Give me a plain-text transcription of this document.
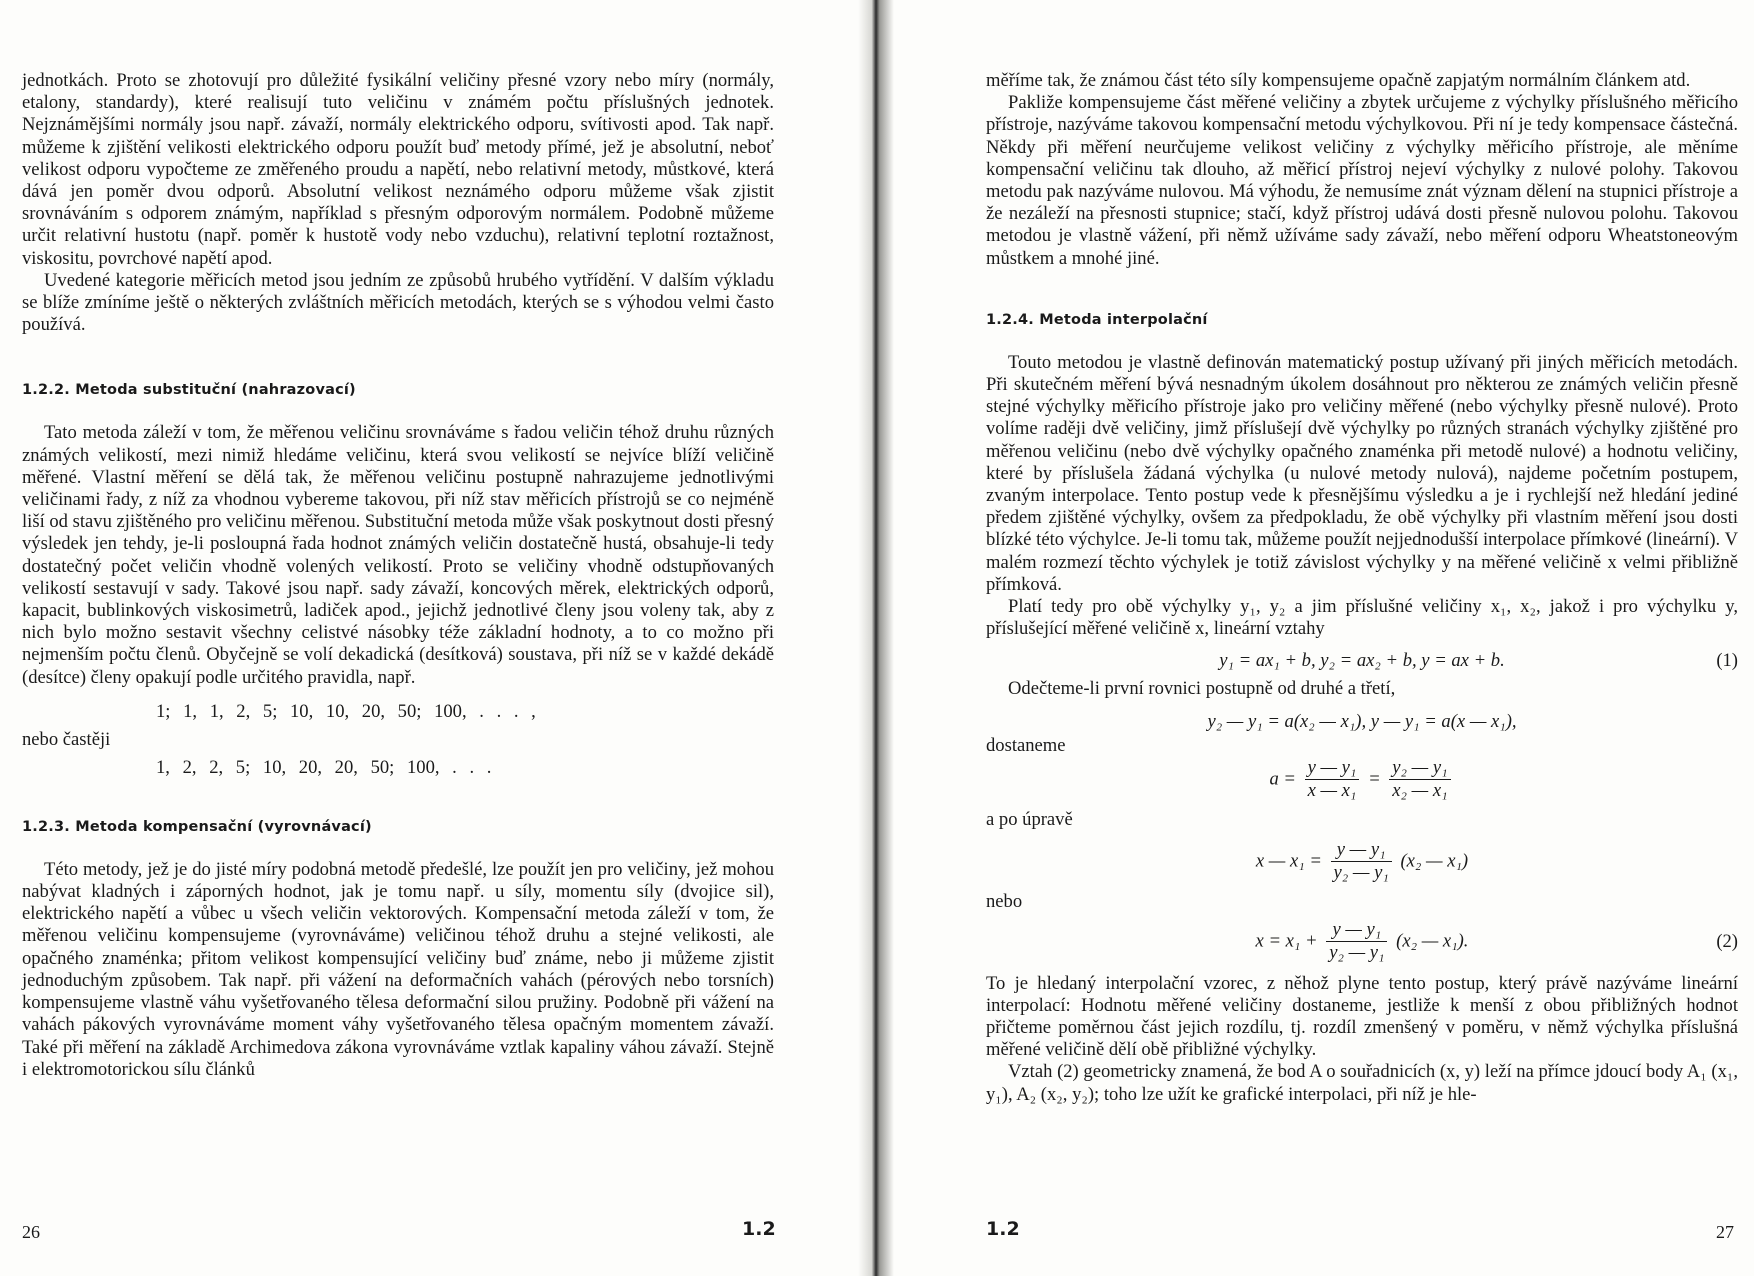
jednotkách. Proto se zhotovují pro důležité fysikální veličiny přesné vzory nebo míry (normály, etalony, standardy), které realisují tuto veličinu v známém počtu příslušných jednotek. Nejznámějšími normály jsou např. závaží, normály elektrického odporu, svítivosti apod. Tak např. můžeme k zjištění velikosti elektrického odporu použít buď metody přímé, jež je absolutní, neboť velikost odporu vypočteme ze změřeného proudu a napětí, nebo relativní metody, můstkové, která dává jen poměr dvou odporů. Absolutní velikost neznámého odporu můžeme však zjistit srovnáváním s odporem známým, například s přesným odporovým normálem. Podobně můžeme určit relativní hustotu (např. poměr k hustotě vody nebo vzduchu), relativní teplotní roztažnost, viskositu, povrchové napětí apod.

Uvedené kategorie měřicích metod jsou jedním ze způsobů hrubého vytřídění. V dalším výkladu se blíže zmíníme ještě o některých zvláštních měřicích metodách, kterých se s výhodou velmi často používá.

1.2.2. Metoda substituční (nahrazovací)

Tato metoda záleží v tom, že měřenou veličinu srovnáváme s řadou veličin téhož druhu různých známých velikostí, mezi nimiž hledáme veličinu, která svou velikostí se nejvíce blíží veličině měřené. Vlastní měření se dělá tak, že měřenou veličinu postupně nahrazujeme jednotlivými veličinami řady, z níž za vhodnou vybereme takovou, při níž stav měřicích přístrojů se co nejméně liší od stavu zjištěného pro veličinu měřenou. Substituční metoda může však poskytnout dosti přesný výsledek jen tehdy, je-li posloupná řada hodnot známých veličin dostatečně hustá, obsahuje-li tedy dostatečný počet veličin vhodně volených velikostí. Proto se veličiny vhodně odstupňovaných velikostí sestavují v sady. Takové jsou např. sady závaží, koncových měrek, elektrických odporů, kapacit, bublinkových viskosimetrů, ladiček apod., jejichž jednotlivé členy jsou voleny tak, aby z nich bylo možno sestavit všechny celistvé násobky téže základní hodnoty, a to co možno při nejmenším počtu členů. Obyčejně se volí dekadická (desítková) soustava, při níž se v každé dekádě (desítce) členy opakují podle určitého pravidla, např.

1; 1, 1, 2, 5; 10, 10, 20, 50; 100, . . . ,
nebo častěji
1, 2, 2, 5; 10, 20, 20, 50; 100, . . .
1.2.3. Metoda kompensační (vyrovnávací)

Této metody, jež je do jisté míry podobná metodě předešlé, lze použít jen pro veličiny, jež mohou nabývat kladných i záporných hodnot, jak je tomu např. u síly, momentu síly (dvojice sil), elektrického napětí a vůbec u všech veličin vektorových. Kompensační metoda záleží v tom, že měřenou veličinu kompensujeme (vyrovnáváme) veličinou téhož druhu a stejné velikosti, ale opačného znaménka; přitom velikost kompensující veličiny buď známe, nebo ji můžeme zjistit jednoduchým způsobem. Tak např. při vážení na deformačních vahách (pérových nebo torsních) kompensujeme vlastně váhu vyšetřovaného tělesa deformační silou pružiny. Podobně při vážení na vahách pákových vyrovnáváme moment váhy vyšetřovaného tělesa opačným momentem závaží. Také při měření na základě Archimedova zákona vyrovnáváme vztlak kapaliny váhou závaží. Stejně i elektromotorickou sílu článků

26	1.2

měříme tak, že známou část této síly kompensujeme opačně zapjatým normálním článkem atd.

Pakliže kompensujeme část měřené veličiny a zbytek určujeme z výchylky příslušného měřicího přístroje, nazýváme takovou kompensační metodu výchylkovou. Při ní je tedy kompensace částečná. Někdy při měření neurčujeme velikost veličiny z výchylky měřicího přístroje, ale měníme kompensační veličinu tak dlouho, až měřicí přístroj nejeví výchylky z nulové polohy. Takovou metodu pak nazýváme nulovou. Má výhodu, že nemusíme znát význam dělení na stupnici přístroje a že nezáleží na přesnosti stupnice; stačí, když přístroj udává dosti přesně nulovou polohu. Takovou metodou je vlastně vážení, při němž užíváme sady závaží, nebo měření odporu Wheatstoneovým můstkem a mnohé jiné.

1.2.4. Metoda interpolační

Touto metodou je vlastně definován matematický postup užívaný při jiných měřicích metodách. Při skutečném měření bývá nesnadným úkolem dosáhnout pro některou ze známých veličin přesně stejné výchylky měřicího přístroje jako pro veličiny měřené (nebo výchylky přesně nulové). Proto volíme raději dvě veličiny, jimž příslušejí dvě výchylky po různých stranách výchylky zjištěné pro měřenou veličinu (nebo dvě výchylky opačného znaménka při metodě nulové) a hodnotu veličiny, které by příslušela žádaná výchylka (u nulové metody nulová), najdeme početním postupem, zvaným interpolace. Tento postup vede k přesnějšímu výsledku a je i rychlejší než hledání jediné předem zjištěné výchylky, ovšem za předpokladu, že obě výchylky při vlastním měření jsou dosti blízké této výchylce. Je-li tomu tak, můžeme použít nejjednodušší interpolace přímkové (lineární). V malém rozmezí těchto výchylek je totiž závislost výchylky y na měřené veličině x velmi přibližně přímková.

Platí tedy pro obě výchylky y₁, y₂ a jim příslušné veličiny x₁, x₂, jakož i pro výchylku y, příslušející měřené veličině x, lineární vztahy

y₁ = ax₁ + b, y₂ = ax₂ + b, y = ax + b.	(1)

Odečteme-li první rovnici postupně od druhé a třetí,

y₂ — y₁ = a(x₂ — x₁), y — y₁ = a(x — x₁),
dostaneme
$a = \frac{\text{y — y₁}}{\text{x — x₁}} = \frac{\text{y₂ — y₁}}{\text{x₂ — x₁}}$
a po úpravě
x — $x_1 = \frac{\text{y — y₁}}{\text{y₂ — y₁}} (x_2$ — x₁)
nebo
$x = x_1 + \frac{\text{y — y₁}}{\text{y₂ — y₁}} (x_2$ — x₁).	(2)

To je hledaný interpolační vzorec, z něhož plyne tento postup, který právě nazýváme lineární interpolací: Hodnotu měřené veličiny dostaneme, jestliže k menší z obou přibližných hodnot přičteme poměrnou část jejich rozdílu, tj. rozdíl zmenšený v poměru, v němž výchylka příslušná měřené veličině dělí obě přibližné výchylky.

Vztah (2) geometricky znamená, že bod A o souřadnicích (x, y) leží na přímce jdoucí body A₁ (x₁, y₁), A₂ (x₂, y₂); toho lze užít ke grafické interpolaci, při níž je hle-

1.2	27
